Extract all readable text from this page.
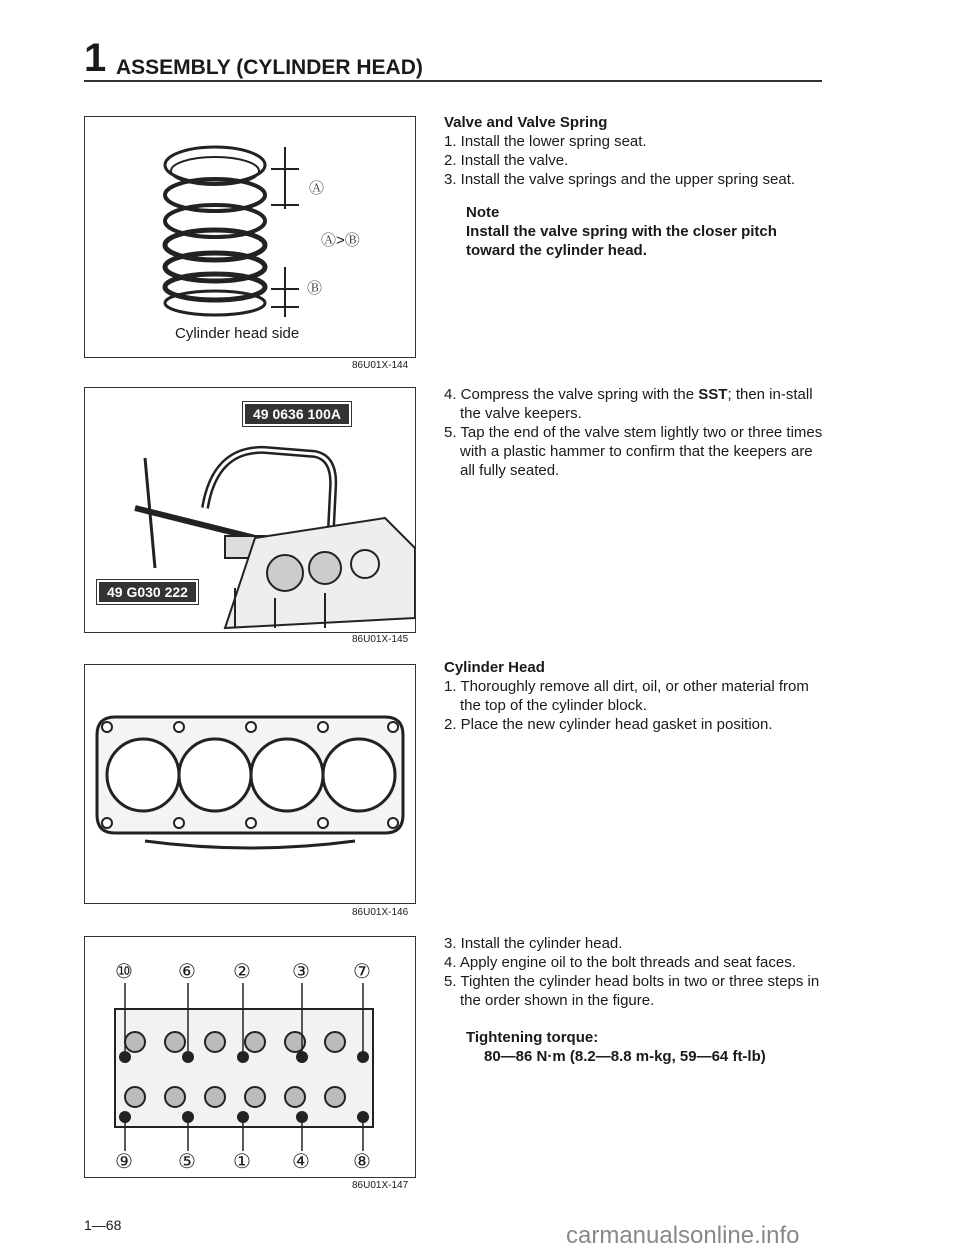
1 ASSEMBLY (CYLINDER HEAD)
Ⓐ
Ⓐ>Ⓑ
Ⓑ
Cylinder head side
86U01X-144
49 0636 100A
49 G030 222
86U01X-145
86U01X-146
⑩ ⑥ ② ③ ⑦
⑨ ⑤ ① ④ ⑧
86U01X-147
Valve and Valve Spring
1. Install the lower spring seat.
2. Install the valve.
3. Install the valve springs and the upper spring seat.
Note
Install the valve spring with the closer pitch toward the cylinder head.
4. Compress the valve spring with the SST; then in-stall the valve keepers.
5. Tap the end of the valve stem lightly two or three times with a plastic hammer to confirm that the keepers are all fully seated.
Cylinder Head
1. Thoroughly remove all dirt, oil, or other material from the top of the cylinder block.
2. Place the new cylinder head gasket in position.
3. Install the cylinder head.
4. Apply engine oil to the bolt threads and seat faces.
5. Tighten the cylinder head bolts in two or three steps in the order shown in the figure.
Tightening torque:
80—86 N·m (8.2—8.8 m-kg, 59—64 ft-lb)
1—68	carmanualsonline.info
